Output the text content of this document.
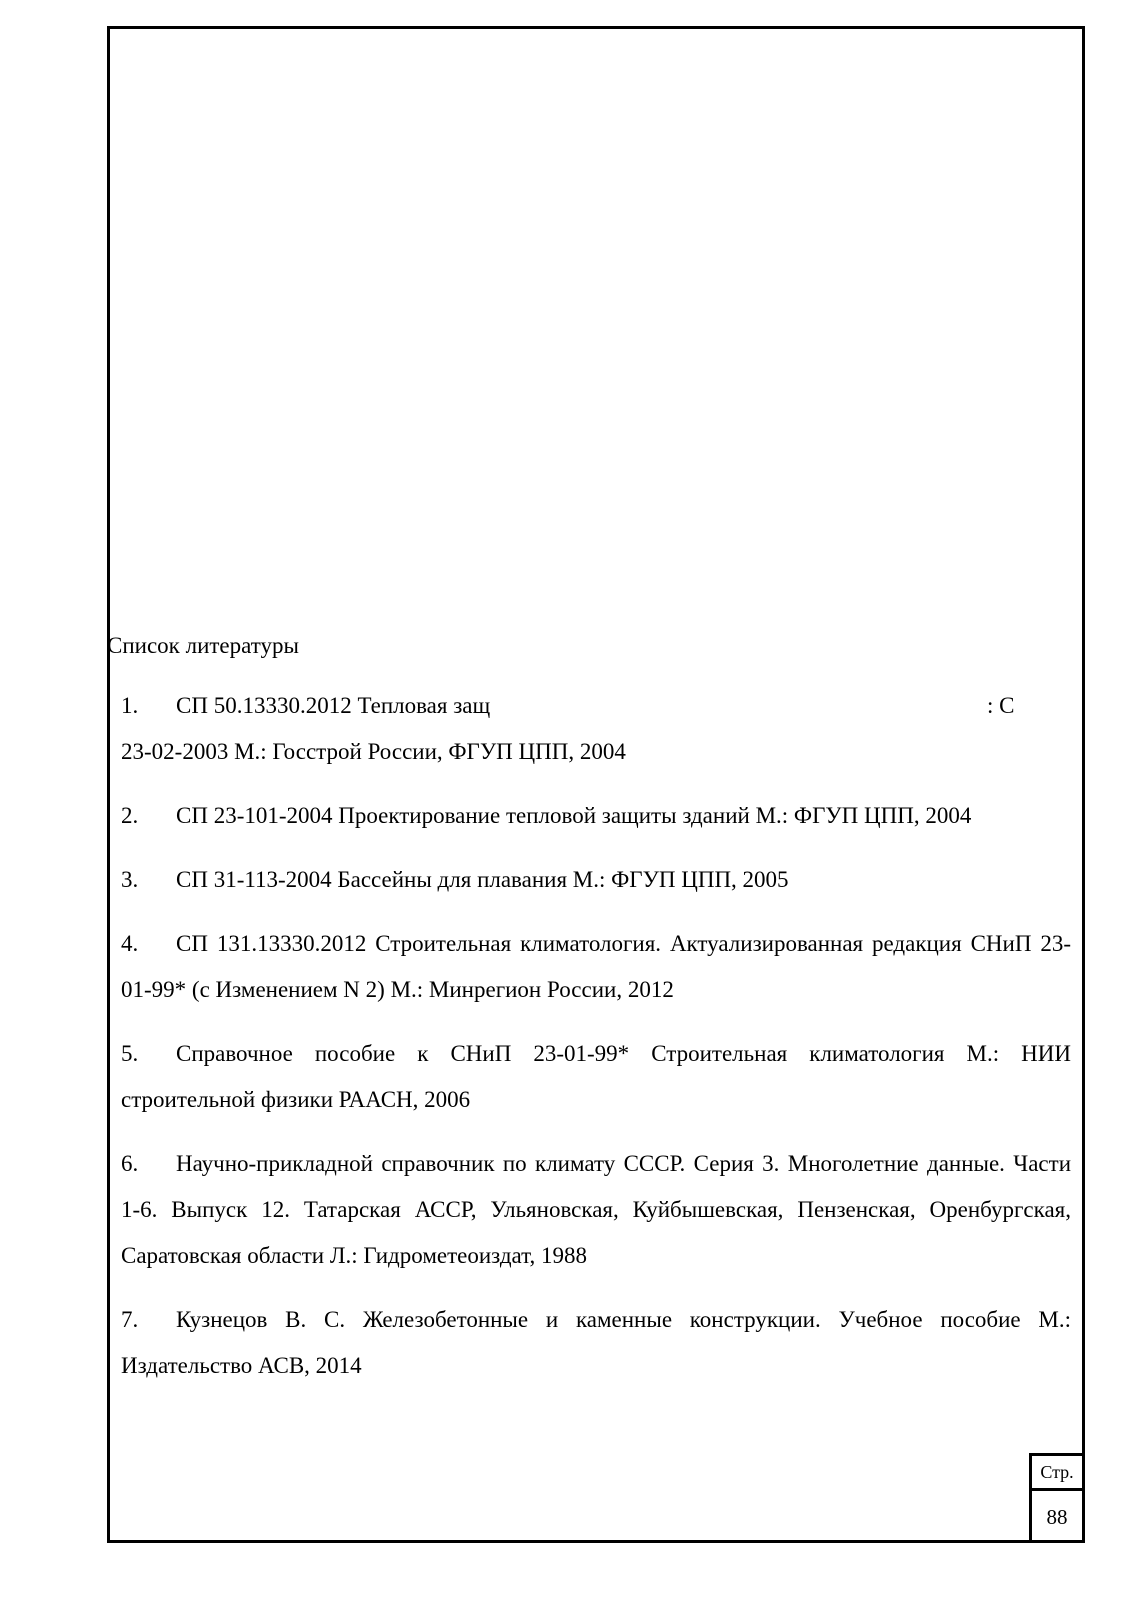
Список литературы
1. СП 50.13330.2012 Тепловая защ	: С

23-02-2003 М.: Госстрой России, ФГУП ЦПП, 2004
2. СП 23-101-2004 Проектирование тепловой защиты зданий М.: ФГУП ЦПП, 2004
3. СП 31-113-2004 Бассейны для плавания М.: ФГУП ЦПП, 2005
4. СП 131.13330.2012 Строительная климатология. Актуализированная редакция СНиП 23-01-99* (с Изменением N 2) М.: Минрегион России, 2012
5. Справочное пособие к СНиП 23-01-99* Строительная климатология М.: НИИ строительной физики РААСН, 2006
6. Научно-прикладной справочник по климату СССР. Серия 3. Многолетние данные. Части 1-6. Выпуск 12. Татарская АССР, Ульяновская, Куйбышевская, Пензенская, Оренбургская, Саратовская области Л.: Гидрометеоиздат, 1988
7. Кузнецов В. С. Железобетонные и каменные конструкции. Учебное пособие М.: Издательство АСВ, 2014
Стр.
88
